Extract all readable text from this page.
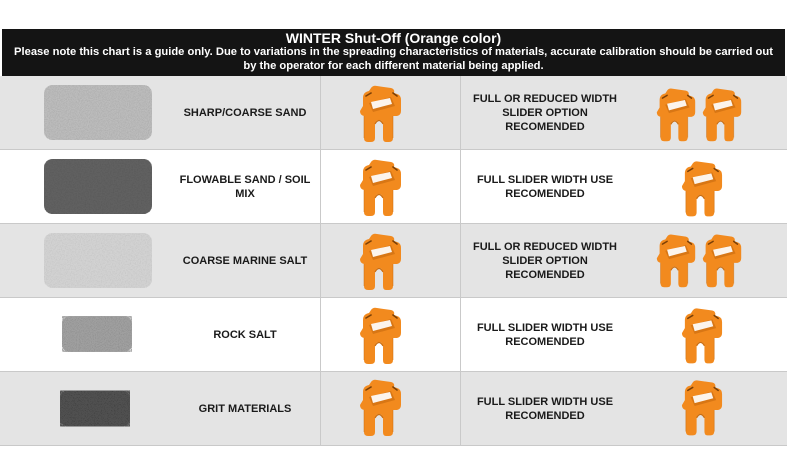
WINTER Shut-Off (Orange color)
Please note this chart is a guide only. Due to variations in the spreading characteristics of materials, accurate calibration should be carried out by the operator for each different material being applied.
SHARP/COARSE SAND
FULL OR REDUCED WIDTH SLIDER OPTION RECOMENDED
FLOWABLE SAND / SOIL MIX
FULL SLIDER WIDTH USE RECOMENDED
COARSE MARINE SALT
FULL OR REDUCED WIDTH SLIDER OPTION RECOMENDED
ROCK SALT
FULL SLIDER WIDTH USE RECOMENDED
GRIT MATERIALS
FULL SLIDER WIDTH USE RECOMENDED
